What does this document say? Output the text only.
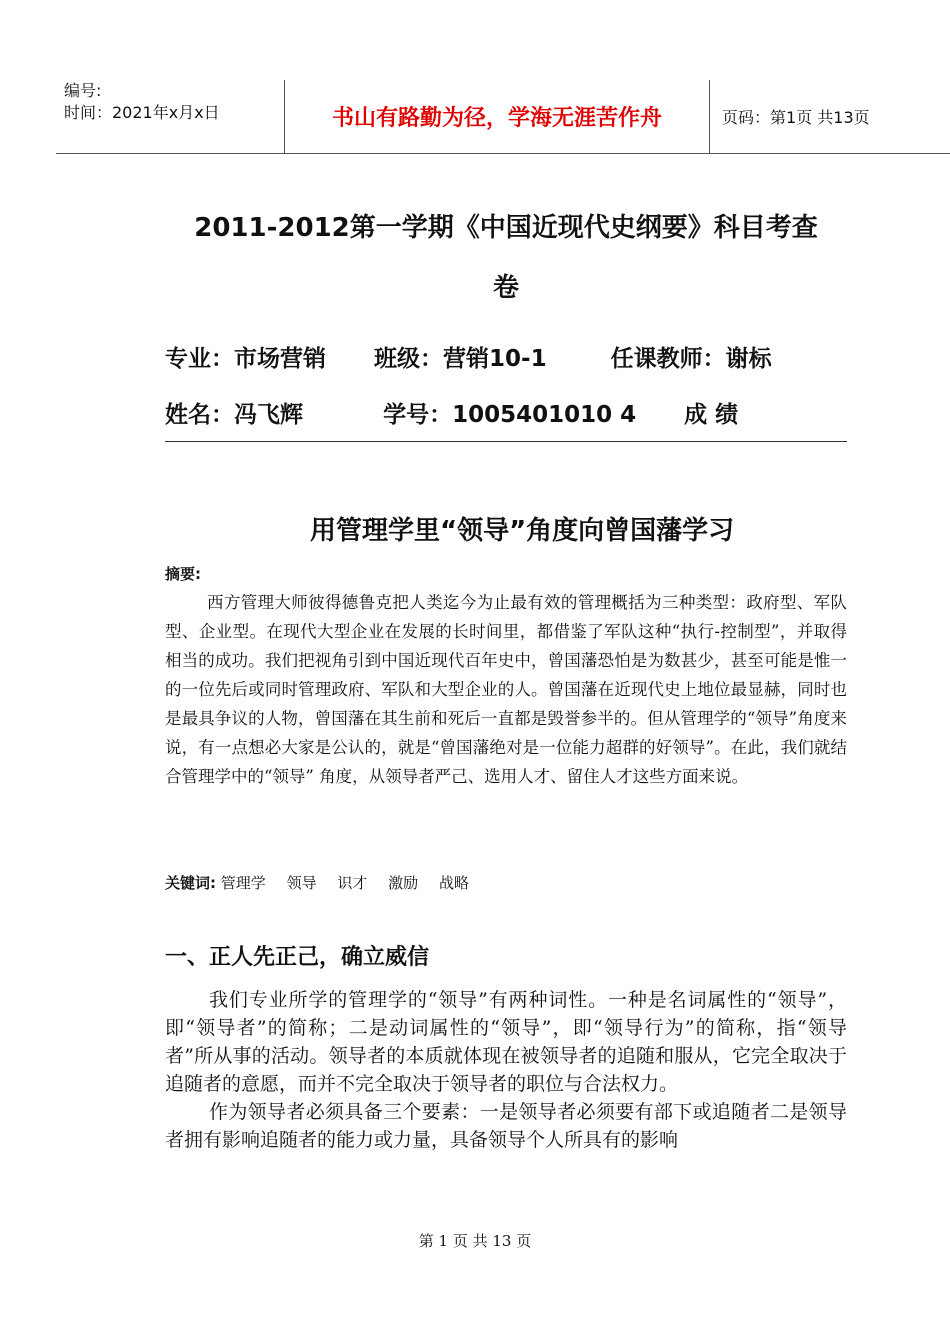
编号:
时间：2021年x月x日	书山有路勤为径，学海无涯苦作舟	页码：第1页 共13页
2011-2012第一学期《中国近现代史纲要》科目考查
卷
专业：市场营销      班级：营销10-1        任课教师：谢标
姓名：冯飞辉          学号：1005401010 4      成 绩
用管理学里“领导”角度向曾国藩学习
摘要:
西方管理大师彼得德鲁克把人类迄今为止最有效的管理概括为三种类型：政府型、军队型、企业型。在现代大型企业在发展的长时间里，都借鉴了军队这种“执行-控制型”，并取得相当的成功。我们把视角引到中国近现代百年史中，曾国藩恐怕是为数甚少，甚至可能是惟一的一位先后或同时管理政府、军队和大型企业的人。曾国藩在近现代史上地位最显赫，同时也是最具争议的人物，曾国藩在其生前和死后一直都是毁誉参半的。但从管理学的“领导”角度来说，有一点想必大家是公认的，就是“曾国藩绝对是一位能力超群的好领导”。在此，我们就结合管理学中的“领导” 角度，从领导者严己、选用人才、留住人才这些方面来说。
关键词: 管理学 领导 识才 激励 战略
一、正人先正己，确立威信

我们专业所学的管理学的“领导”有两种词性。一种是名词属性的“领导”，即“领导者”的简称；二是动词属性的“领导”，即“领导行为”的简称，指“领导者”所从事的活动。领导者的本质就体现在被领导者的追随和服从，它完全取决于追随者的意愿，而并不完全取决于领导者的职位与合法权力。

作为领导者必须具备三个要素：一是领导者必须要有部下或追随者二是领导者拥有影响追随者的能力或力量，具备领导个人所具有的影响

第 1 页 共 13 页
